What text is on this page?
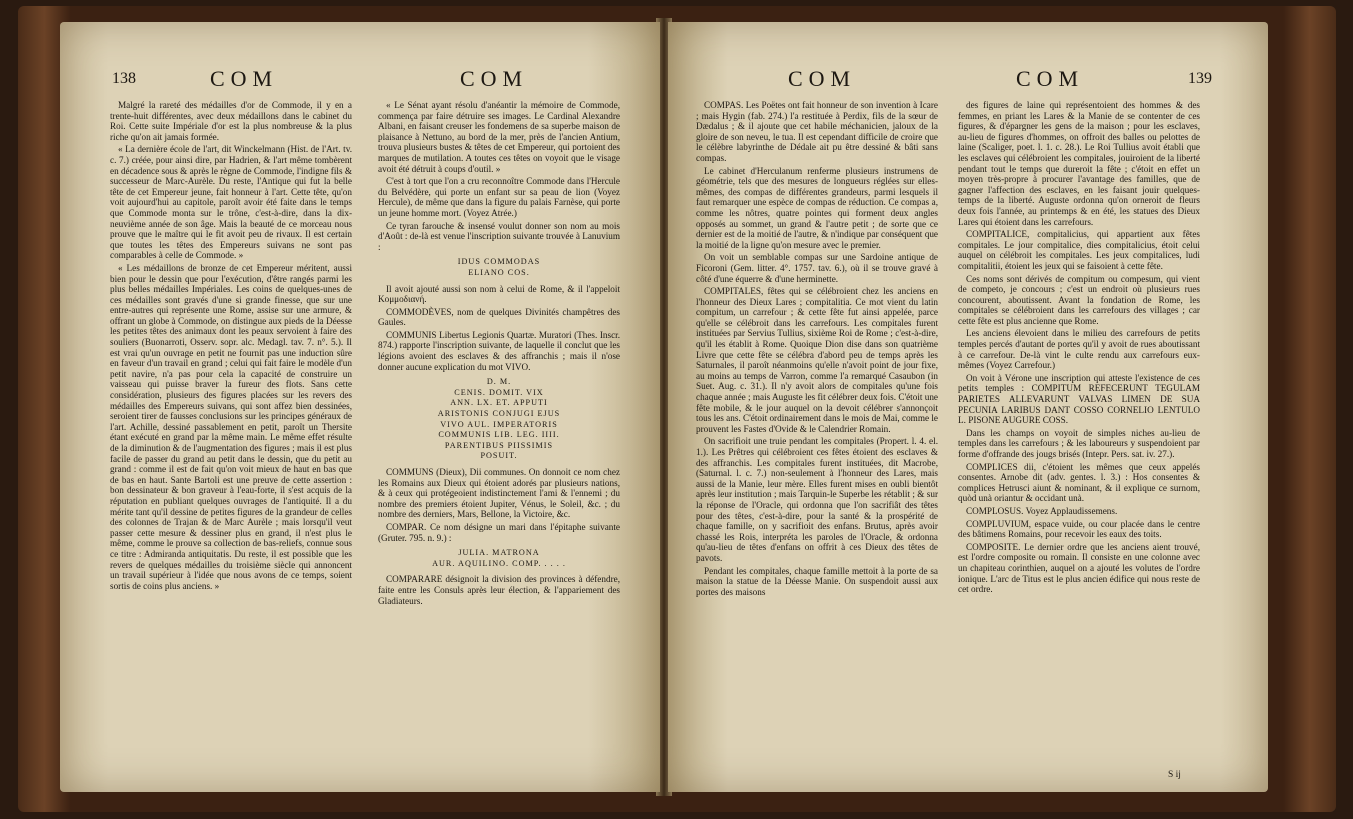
138	COM	COM

Malgré la rareté des médailles d'or de Commode, il y en a trente-huit différentes, avec deux médaillons dans le cabinet du Roi. Cette suite Impériale d'or est la plus nombreuse & la plus riche qu'on ait jamais formée.

« La dernière école de l'art, dit Winckelmann (Hist. de l'Art. tv. c. 7.) créée, pour ainsi dire, par Hadrien, & l'art même tombèrent en décadence sous & après le règne de Commode, l'indigne fils & successeur de Marc-Aurèle. Du reste, l'Antique qui fut la belle tête de cet Empereur jeune, fait honneur à l'art. Cette tête, qu'on voit aujourd'hui au capitole, paroît avoir été faite dans le temps que Commode monta sur le trône, c'est-à-dire, dans la dix-neuvième année de son âge. Mais la beauté de ce morceau nous prouve que le maître qui le fit avoit peu de rivaux. Il est certain que toutes les têtes des Empereurs suivans ne sont pas comparables à celle de Commode. »

« Les médaillons de bronze de cet Empereur méritent, aussi bien pour le dessin que pour l'exécution, d'être rangés parmi les plus belles médailles Impériales. Les coins de quelques-unes de ces médailles sont gravés d'une si grande finesse, que sur une entre-autres qui représente une Rome, assise sur une armure, & offrant un globe à Commode, on distingue aux pieds de la Déesse les petites têtes des animaux dont les peaux servoient à faire des souliers (Buonarroti, Osserv. sopr. alc. Medagl. tav. 7. n°. 5.). Il est vrai qu'un ouvrage en petit ne fournit pas une induction sûre en faveur d'un travail en grand ; celui qui fait faire le modèle d'un petit navire, n'a pas pour cela la capacité de construire un vaisseau qui puisse braver la fureur des flots. Sans cette considération, plusieurs des figures placées sur les revers des médailles des Empereurs suivans, qui sont affez bien dessinées, seroient tirer de fausses conclusions sur les principes généraux de l'art. Achille, dessiné passablement en petit, paroît un Thersite étant exécuté en grand par la même main. Le même effet résulte de la diminution & de l'augmentation des figures ; mais il est plus facile de passer du grand au petit dans le dessin, que du petit au grand : comme il est de fait qu'on voit mieux de haut en bas que de bas en haut. Sante Bartoli est une preuve de cette assertion : bon dessinateur & bon graveur à l'eau-forte, il s'est acquis de la réputation en publiant quelques ouvrages de l'antiquité. Il a du mérite tant qu'il dessine de petites figures de la grandeur de celles des colonnes de Trajan & de Marc Aurèle ; mais lorsqu'il veut passer cette mesure & dessiner plus en grand, il n'est plus le même, comme le prouve sa collection de bas-reliefs, connue sous ce titre : Admiranda antiquitatis. Du reste, il est possible que les revers de quelques médailles du troisième siècle qui annoncent un travail supérieur à l'idée que nous avons de ce temps, soient sortis de coins plus anciens. »

« Le Sénat ayant résolu d'anéantir la mémoire de Commode, commença par faire détruire ses images. Le Cardinal Alexandre Albani, en faisant creuser les fondemens de sa superbe maison de plaisance à Nettuno, au bord de la mer, près de l'ancien Antium, trouva plusieurs bustes & têtes de cet Empereur, qui portoient des marques de mutilation. A toutes ces têtes on voyoit que le visage avoit été détruit à coups d'outil. »

C'est à tort que l'on a cru reconnoître Commode dans l'Hercule du Belvédère, qui porte un enfant sur sa peau de lion (Voyez Hercule), de même que dans la figure du palais Farnèse, qui porte un jeune homme mort. (Voyez Atrée.)

Ce tyran farouche & insensé voulut donner son nom au mois d'Août : de-là est venue l'inscription suivante trouvée à Lanuvium :

IDUS COMMODAS
ELIANO COS.

Il avoit ajouté aussi son nom à celui de Rome, & il l'appeloit Κομμοδιανή.

COMMODÈVES, nom de quelques Divinités champêtres des Gaules.

COMMUNIS Libertus Legionis Quartæ. Muratori (Thes. Inscr. 874.) rapporte l'inscription suivante, de laquelle il conclut que les légions avoient des esclaves & des affranchis ; mais il n'ose donner aucune explication du mot VIVO.

D. M.
CENIS. DOMIT. VIX
ANN. LX. ET. APPUTI
ARISTONIS CONJUGI EJUS
VIVO AUL. IMPERATORIS
COMMUNIS LIB. LEG. IIII.
PARENTIBUS PIISSIMIS
POSUIT.

COMMUNS (Dieux), Dii communes. On donnoit ce nom chez les Romains aux Dieux qui étoient adorés par plusieurs nations, & à ceux qui protégeoient indistinctement l'ami & l'ennemi ; du nombre des premiers étoient Jupiter, Vénus, le Soleil, &c. ; du nombre des derniers, Mars, Bellone, la Victoire, &c.

COMPAR. Ce nom désigne un mari dans l'épitaphe suivante (Gruter. 795. n. 9.) :

JULIA. MATRONA
AUR. AQUILINO. COMP. . . . .

COMPARARE désignoit la division des provinces à défendre, faite entre les Consuls après leur élection, & l'appariement des Gladiateurs.

COM	COM	139

COMPAS. Les Poëtes ont fait honneur de son invention à Icare ; mais Hygin (fab. 274.) l'a restituée à Perdix, fils de la sœur de Dædalus ; & il ajoute que cet habile méchanicien, jaloux de la gloire de son neveu, le tua. Il est cependant difficile de croire que le célèbre labyrinthe de Dédale ait pu être dessiné & bâti sans compas.

Le cabinet d'Herculanum renferme plusieurs instrumens de géométrie, tels que des mesures de longueurs réglées sur elles-mêmes, des compas de différentes grandeurs, parmi lesquels il faut remarquer une espèce de compas de réduction. Ce compas a, comme les nôtres, quatre pointes qui forment deux angles opposés au sommet, un grand & l'autre petit ; de sorte que ce dernier est de la moitié de l'autre, & n'indique par conséquent que la moitié de la ligne qu'on mesure avec le premier.

On voit un semblable compas sur une Sardoine antique de Ficoroni (Gem. litter. 4°. 1757. tav. 6.), où il se trouve gravé à côté d'une équerre & d'une herminette.

COMPITALES, fêtes qui se célébroient chez les anciens en l'honneur des Dieux Lares ; compitalitia. Ce mot vient du latin compitum, un carrefour ; & cette fête fut ainsi appelée, parce qu'elle se célébroit dans les carrefours. Les compitales furent instituées par Servius Tullius, sixième Roi de Rome ; c'est-à-dire, qu'il les établit à Rome. Quoique Dion dise dans son quatrième Livre que cette fête se célébra d'abord peu de temps après les Saturnales, il paroît néanmoins qu'elle n'avoit point de jour fixe, au moins au temps de Varron, comme l'a remarqué Casaubon (in Suet. Aug. c. 31.). Il n'y avoit alors de compitales qu'une fois chaque année ; mais Auguste les fit célébrer deux fois. C'étoit une fête mobile, & le jour auquel on la devoit célébrer s'annonçoit tous les ans. C'étoit ordinairement dans le mois de Mai, comme le prouvent les Fastes d'Ovide & le Calendrier Romain.

On sacrifioit une truie pendant les compitales (Propert. l. 4. el. 1.). Les Prêtres qui célébroient ces fêtes étoient des esclaves & des affranchis. Les compitales furent instituées, dit Macrobe, (Saturnal. l. c. 7.) non-seulement à l'honneur des Lares, mais aussi de la Manie, leur mère. Elles furent mises en oubli bientôt après leur institution ; mais Tarquin-le Superbe les rétablit ; & sur la réponse de l'Oracle, qui ordonna que l'on sacrifiât des têtes pour des têtes, c'est-à-dire, pour la santé & la prospérité de chaque famille, on y sacrifioit des enfans. Brutus, après avoir chassé les Rois, interpréta les paroles de l'Oracle, & ordonna qu'au-lieu de têtes d'enfans on offrit à ces Dieux des têtes de pavots.

Pendant les compitales, chaque famille mettoit à la porte de sa maison la statue de la Déesse Manie. On suspendoit aussi aux portes des maisons

des figures de laine qui représentoient des hommes & des femmes, en priant les Lares & la Manie de se contenter de ces figures, & d'épargner les gens de la maison ; pour les esclaves, au-lieu de figures d'hommes, on offroit des balles ou pelottes de laine (Scaliger, poet. l. 1. c. 28.). Le Roi Tullius avoit établi que les esclaves qui célébroient les compitales, jouiroient de la liberté pendant tout le temps que dureroit la fête ; c'étoit en effet un moyen très-propre à procurer l'avantage des familles, que de gagner l'affection des esclaves, en les faisant jouir quelques-temps de la liberté. Auguste ordonna qu'on orneroit de fleurs deux fois l'année, au printemps & en été, les statues des Dieux Lares qui étoient dans les carrefours.

COMPITALICE, compitalicius, qui appartient aux fêtes compitales. Le jour compitalice, dies compitalicius, étoit celui auquel on célébroit les compitales. Les jeux compitalices, ludi compitalitii, étoient les jeux qui se faisoient à cette fête.

Ces noms sont dérivés de compitum ou compesum, qui vient de competo, je concours ; c'est un endroit où plusieurs rues concourent, aboutissent. Avant la fondation de Rome, les compitales se célébroient dans les carrefours des villages ; car cette fête est plus ancienne que Rome.

Les anciens élevoient dans le milieu des carrefours de petits temples percés d'autant de portes qu'il y avoit de rues aboutissant à ce carrefour. De-là vint le culte rendu aux carrefours eux-mêmes (Voyez Carrefour.)

On voit à Vérone une inscription qui atteste l'existence de ces petits temples : COMPITUM REFECERUNT TEGULAM PARIETES ALLEVARUNT VALVAS LIMEN DE SUA PECUNIA LARIBUS DANT COSSO CORNELIO LENTULO L. PISONE AUGURE COSS.

Dans les champs on voyoit de simples niches au-lieu de temples dans les carrefours ; & les laboureurs y suspendoient par forme d'offrande des jougs brisés (Intepr. Pers. sat. iv. 27.).

COMPLICES dii, c'étoient les mêmes que ceux appelés consentes. Arnobe dit (adv. gentes. l. 3.) : Hos consentes & complices Hetrusci aiunt & nominant, & il explique ce surnom, quòd unà oriantur & occidant unà.

COMPLOSUS. Voyez Applaudissemens.

COMPLUVIUM, espace vuide, ou cour placée dans le centre des bâtimens Romains, pour recevoir les eaux des toits.

COMPOSITE. Le dernier ordre que les anciens aient trouvé, est l'ordre composite ou romain. Il consiste en une colonne avec un chapiteau corinthien, auquel on a ajouté les volutes de l'ordre ionique. L'arc de Titus est le plus ancien édifice qui nous reste de cet ordre.

S ij
